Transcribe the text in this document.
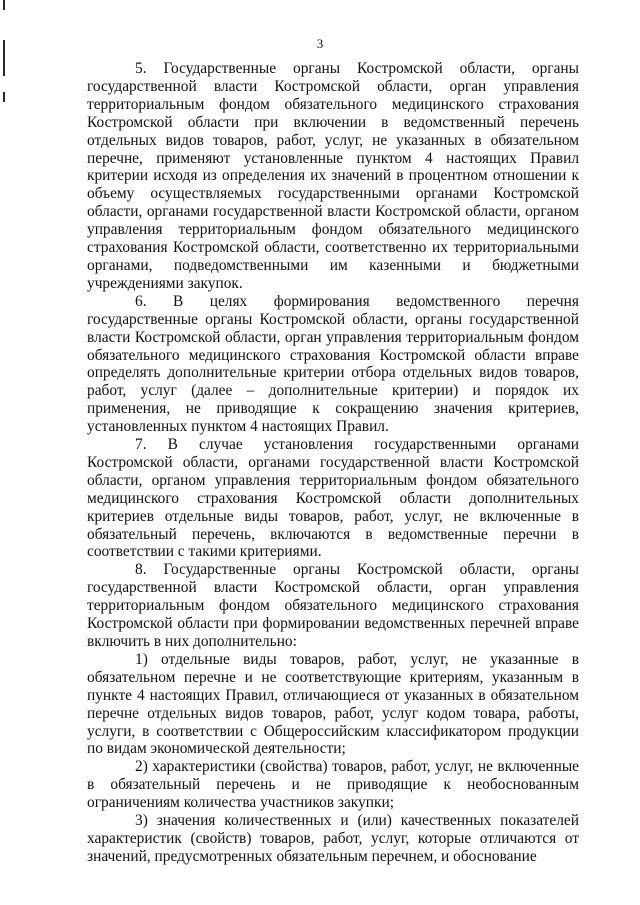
3

5. Государственные органы Костромской области, органы государственной власти Костромской области, орган управления территориальным фондом обязательного медицинского страхования Костромской области при включении в ведомственный перечень отдельных видов товаров, работ, услуг, не указанных в обязательном перечне, применяют установленные пунктом 4 настоящих Правил критерии исходя из определения их значений в процентном отношении к объему осуществляемых государственными органами Костромской области, органами государственной власти Костромской области, органом управления территориальным фондом обязательного медицинского страхования Костромской области, соответственно их территориальными органами, подведомственными им казенными и бюджетными учреждениями закупок.

6. В целях формирования ведомственного перечня государственные органы Костромской области, органы государственной власти Костромской области, орган управления территориальным фондом обязательного медицинского страхования Костромской области вправе определять дополнительные критерии отбора отдельных видов товаров, работ, услуг (далее – дополнительные критерии) и порядок их применения, не приводящие к сокращению значения критериев, установленных пунктом 4 настоящих Правил.

7. В случае установления государственными органами Костромской области, органами государственной власти Костромской области, органом управления территориальным фондом обязательного медицинского страхования Костромской области дополнительных критериев отдельные виды товаров, работ, услуг, не включенные в обязательный перечень, включаются в ведомственные перечни в соответствии с такими критериями.

8. Государственные органы Костромской области, органы государственной власти Костромской области, орган управления территориальным фондом обязательного медицинского страхования Костромской области при формировании ведомственных перечней вправе включить в них дополнительно:

1) отдельные виды товаров, работ, услуг, не указанные в обязательном перечне и не соответствующие критериям, указанным в пункте 4 настоящих Правил, отличающиеся от указанных в обязательном перечне отдельных видов товаров, работ, услуг кодом товара, работы, услуги, в соответствии с Общероссийским классификатором продукции по видам экономической деятельности;

2) характеристики (свойства) товаров, работ, услуг, не включенные в обязательный перечень и не приводящие к необоснованным ограничениям количества участников закупки;

3) значения количественных и (или) качественных показателей характеристик (свойств) товаров, работ, услуг, которые отличаются от значений, предусмотренных обязательным перечнем, и обоснование
